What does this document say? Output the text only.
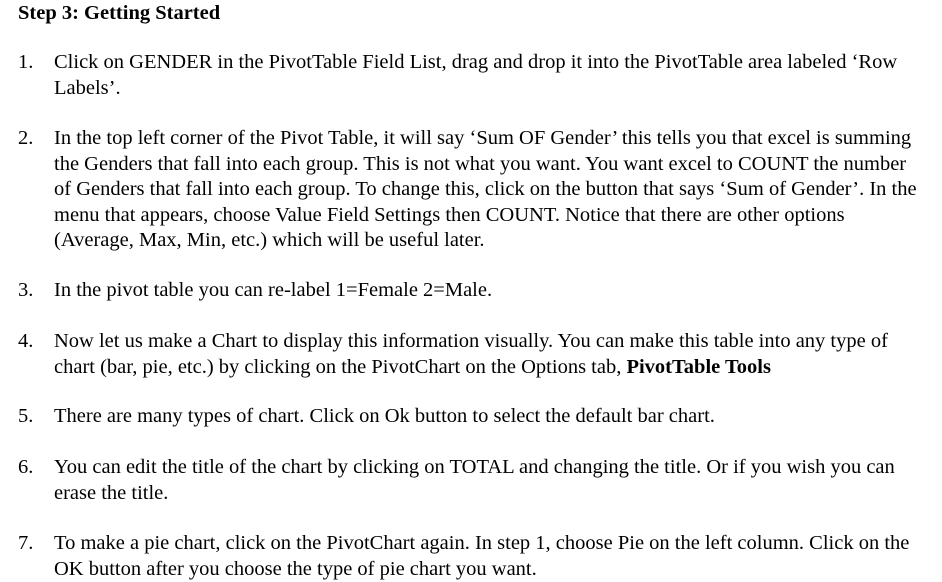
Step 3: Getting Started
1.	Click on GENDER in the PivotTable Field List, drag and drop it into the PivotTable area labeled ‘Row Labels’.
2.	In the top left corner of the Pivot Table, it will say ‘Sum OF Gender’ this tells you that excel is summing the Genders that fall into each group. This is not what you want. You want excel to COUNT the number of Genders that fall into each group. To change this, click on the button that says ‘Sum of Gender’. In the menu that appears, choose Value Field Settings then COUNT. Notice that there are other options (Average, Max, Min, etc.) which will be useful later.
3.	In the pivot table you can re-label 1=Female 2=Male.
4.	Now let us make a Chart to display this information visually. You can make this table into any type of chart (bar, pie, etc.) by clicking on the PivotChart on the Options tab, PivotTable Tools
5.	There are many types of chart. Click on Ok button to select the default bar chart.
6.	You can edit the title of the chart by clicking on TOTAL and changing the title. Or if you wish you can erase the title.
7.	To make a pie chart, click on the PivotChart again. In step 1, choose Pie on the left column. Click on the OK button after you choose the type of pie chart you want.
